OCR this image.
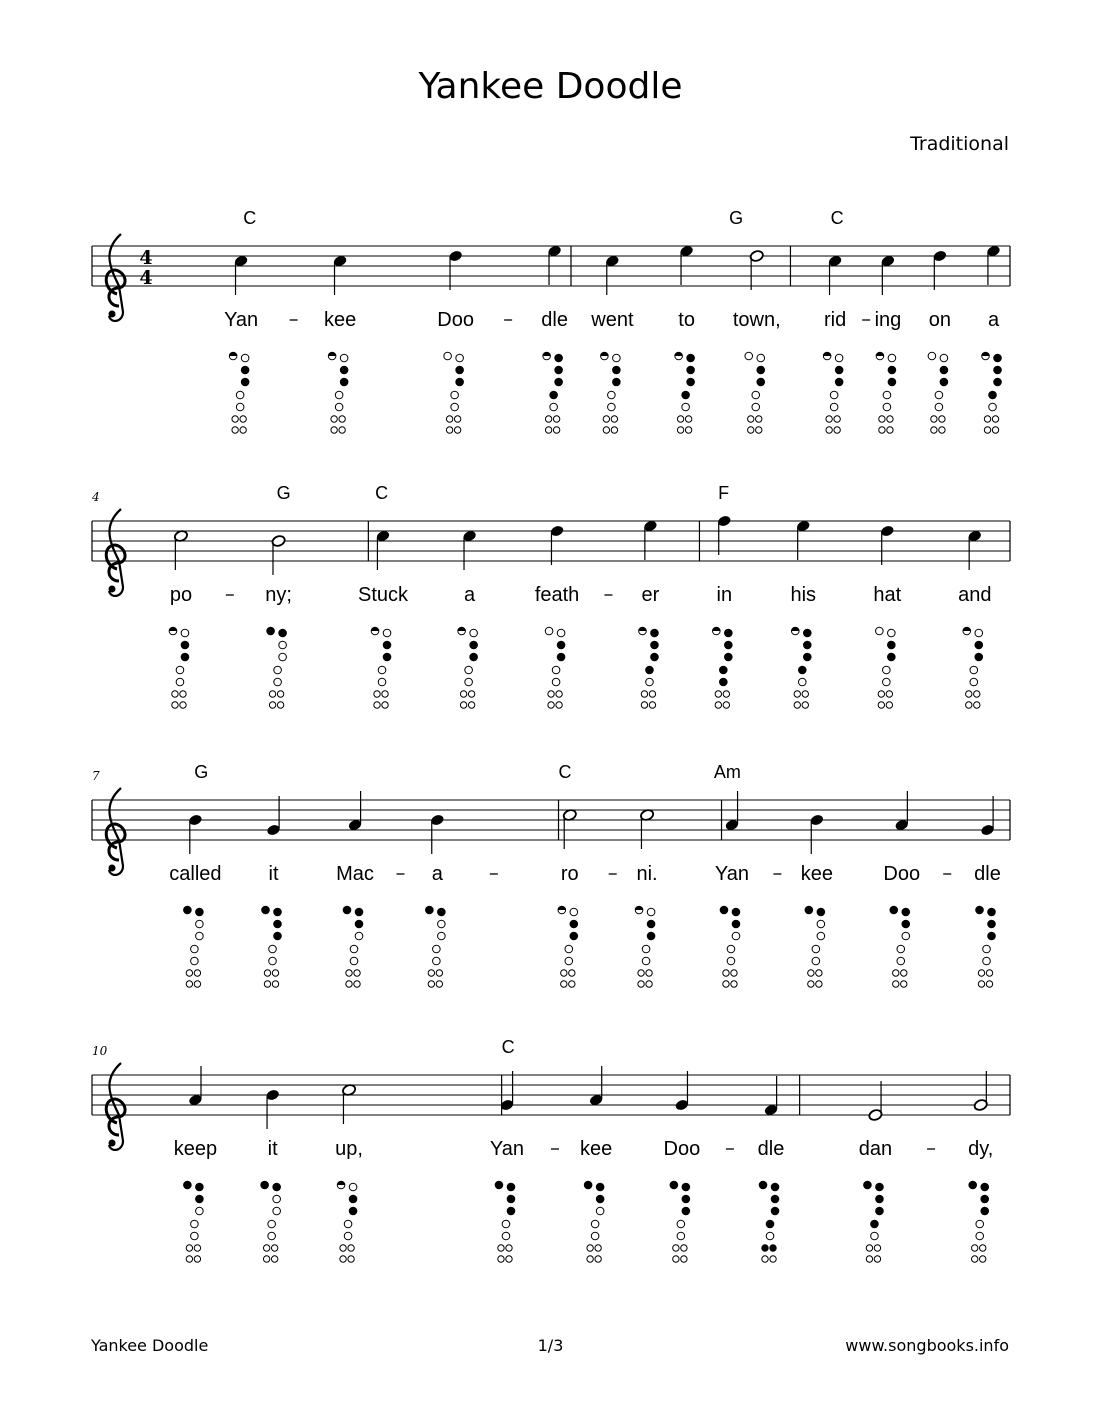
Yankee Doodle
Traditional
4
4
C	G	C
Yan	kee	Doo	dle went to town, rid ing on a
4	G	C	F
po	ny;	Stuck	a	feath	er	in	his	hat	and
7	G	C	Am
called it	Mac	a	ro	ni.	Yan	kee	Doo	dle
10	C
keep	it	up,	Yan	kee	Doo	dle	dan	dy,
Yankee Doodle	1/3	www.songbooks.info
